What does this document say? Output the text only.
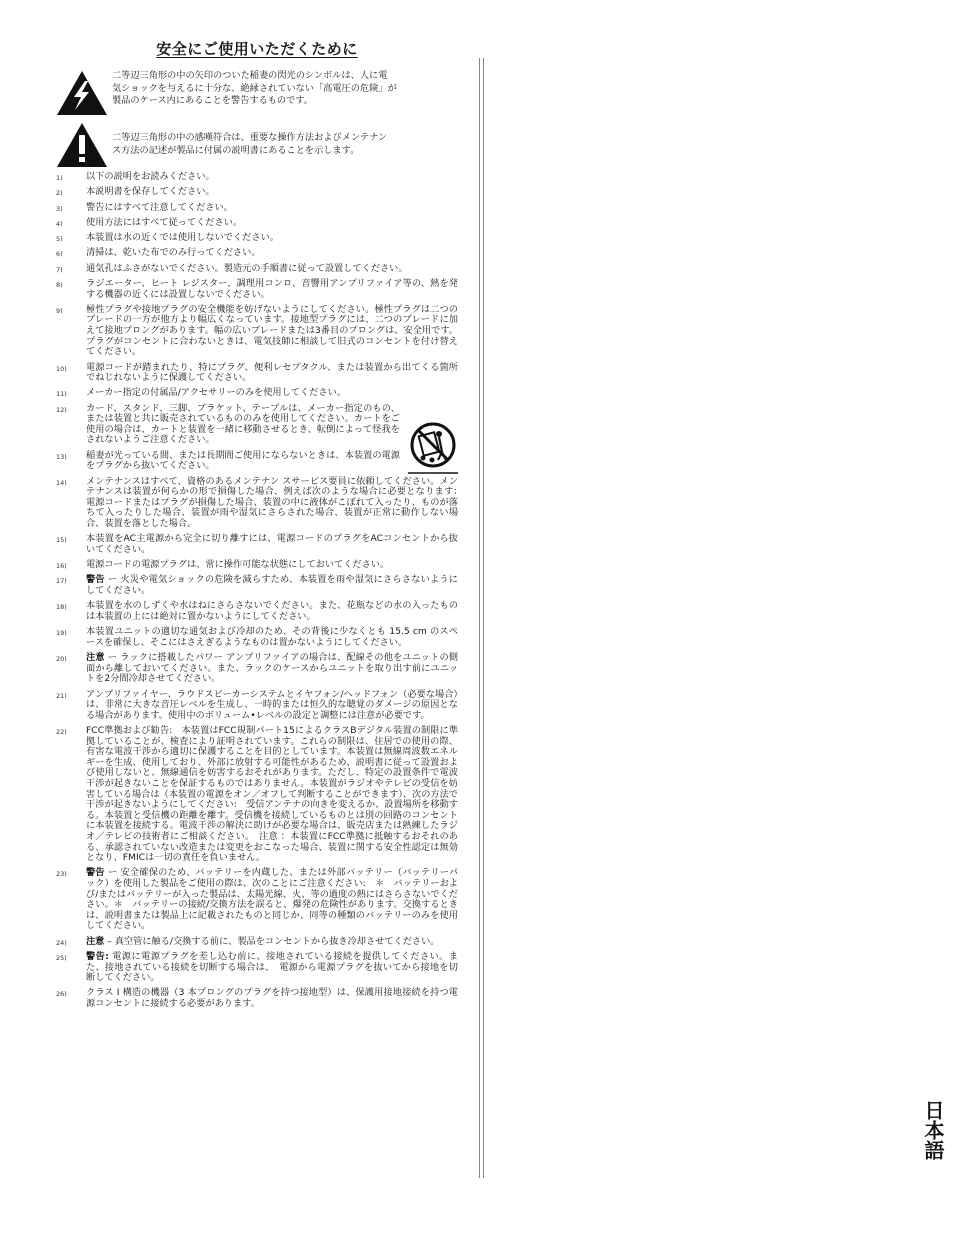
安全にご使用いただくために

二等辺三角形の中の矢印のついた稲妻の閃光のシンボルは、人に電
気ショックを与えるに十分な、絶縁されていない「高電圧の危険」が
製品のケース内にあることを警告するものです。

二等辺三角形の中の感嘆符合は、重要な操作方法およびメンテナン
ス方法の記述が製品に付属の説明書にあることを示します。

1)	以下の説明をお読みください。
2)	本説明書を保存してください。
3)	警告にはすべて注意してください。
4)	使用方法にはすべて従ってください。
5)	本装置は水の近くでは使用しないでください。
6)	清掃は、乾いた布でのみ行ってください。
7)	通気孔はふさがないでください。製造元の手順書に従って設置してください。
8)	ラジエーター、ヒート レジスター、調理用コンロ、音響用アンプリファイア等の、熱を発する機器の近くには設置しないでください。
9)	極性プラグや接地プラグの安全機能を妨げないようにしてください。極性プラグは二つのブレードの一方が他方より幅広くなっています。接地型プラグには、二つのブレードに加えて接地プロングがあります。幅の広いブレードまたは3番目のプロングは、安全用です。プラグがコンセントに合わないときは、電気技師に相談して旧式のコンセントを付け替えてください。
10)	電源コードが踏まれたり、特にプラグ、便利レセプタクル、または装置から出てくる箇所でねじれないように保護してください。
11)	メーカー指定の付属品/アクセサリーのみを使用してください。
12)	カード、スタンド、三脚、ブラケット、テーブルは、メーカー指定のもの、または装置と共に販売されているもののみを使用してください。カートをご使用の場合は、カートと装置を一緒に移動させるとき、転倒によって怪我をされないようご注意ください。
13)	稲妻が光っている間、または長期間ご使用にならないときは、本装置の電源をプラグから抜いてください。
14)	メンテナンスはすべて、資格のあるメンテナン スサービス要員に依頼してください。メンテナンスは装置が何らかの形で損傷した場合、例えば次のような場合に必要となります：　電源コードまたはプラグが損傷した場合、装置の中に液体がこぼれて入ったり、ものが落ちて入ったりした場合、装置が雨や湿気にさらされた場合、装置が正常に動作しない場合、装置を落とした場合。
15)	本装置をAC主電源から完全に切り離すには、電源コードのプラグをACコンセントから抜いてください。
16)	電源コードの電源プラグは、常に操作可能な状態にしておいてください。
17)	警告 ー 火災や電気ショックの危険を減らすため、本装置を雨や湿気にさらさないようにしてください。
18)	本装置を水のしずくや水はねにさらさないでください。また、花瓶などの水の入ったものは本装置の上には絶対に置かないようにしてください。
19)	本装置ユニットの適切な通気および冷却のため、その背後に少なくとも 15.5 cm のスペースを確保し、そこにはさえぎるようなものは置かないようにしてください。
20)	注意 ー ラックに搭載したパワー アンプリファイアの場合は、配線その他をユニットの側面から離しておいてください。また、ラックのケースからユニットを取り出す前にユニットを2分間冷却させてください。
21)	アンプリファイヤー、ラウドスピーカーシステムとイヤフォン/ヘッドフォン（必要な場合）は、非常に大きな音圧レベルを生成し、一時的または恒久的な聴覚のダメージの原因となる場合があります。使用中のボリューム•レベルの設定と調整には注意が必要です。
22)	FCC準拠および勧告:　本装置はFCC規制パート15によるクラスBデジタル装置の制限に準拠していることが、検査により証明されています。これらの制限は、住居での使用の際、有害な電波干渉から適切に保護することを目的としています。本装置は無線周波数エネルギーを生成、使用しており、外部に放射する可能性があるため、説明書に従って設置および使用しないと、無線通信を妨害するおそれがあります。ただし、特定の設置条件で電波干渉が起きないことを保証するものではありません。本装置がラジオやテレビの受信を妨害している場合は（本装置の電源をオン／オフして判断することができます）、次の方法で干渉が起きないようにしてください:　受信アンテナの向きを変えるか、設置場所を移動する。本装置と受信機の距離を離す。受信機を接続しているものとは別の回路のコンセントに本装置を接続する。電波干渉の解決に助けが必要な場合は、販売店または熟練したラジオ／テレビの技術者にご相談ください。　注意 ：本装置にFCC準拠に抵触するおそれのある、承認されていない改造または変更をおこなった場合、装置に関する安全性認定は無効となり、FMICは一切の責任を負いません。
23)	警告 ー 安全確保のため、バッテリーを内蔵した、または外部バッテリー（バッテリーパック）を使用した製品をご使用の際は、次のことにご注意ください:　＊　バッテリーおよび/またはバッテリーが入った製品は、太陽光線、火、等の過度の熱にはさらさないでください。＊　バッテリーの接続/交換方法を誤ると、爆発の危険性があります。交換するときは、説明書または製品上に記載されたものと同じか、同等の種類のバッテリーのみを使用してください。
24)	注意 – 真空管に触る/交換する前に、製品をコンセントから抜き冷却させてください。
25)	警告: 電源に電源プラグを差し込む前に、接地されている接続を提供してください。また、接地されている接続を切断する場合は、　電源から電源プラグを抜いてから接地を切断してください。
26)	クラス I 構造の機器（3 本プロングのプラグを持つ接地型）は、保護用接地接続を持つ電源コンセントに接続する必要があります。
日本語
